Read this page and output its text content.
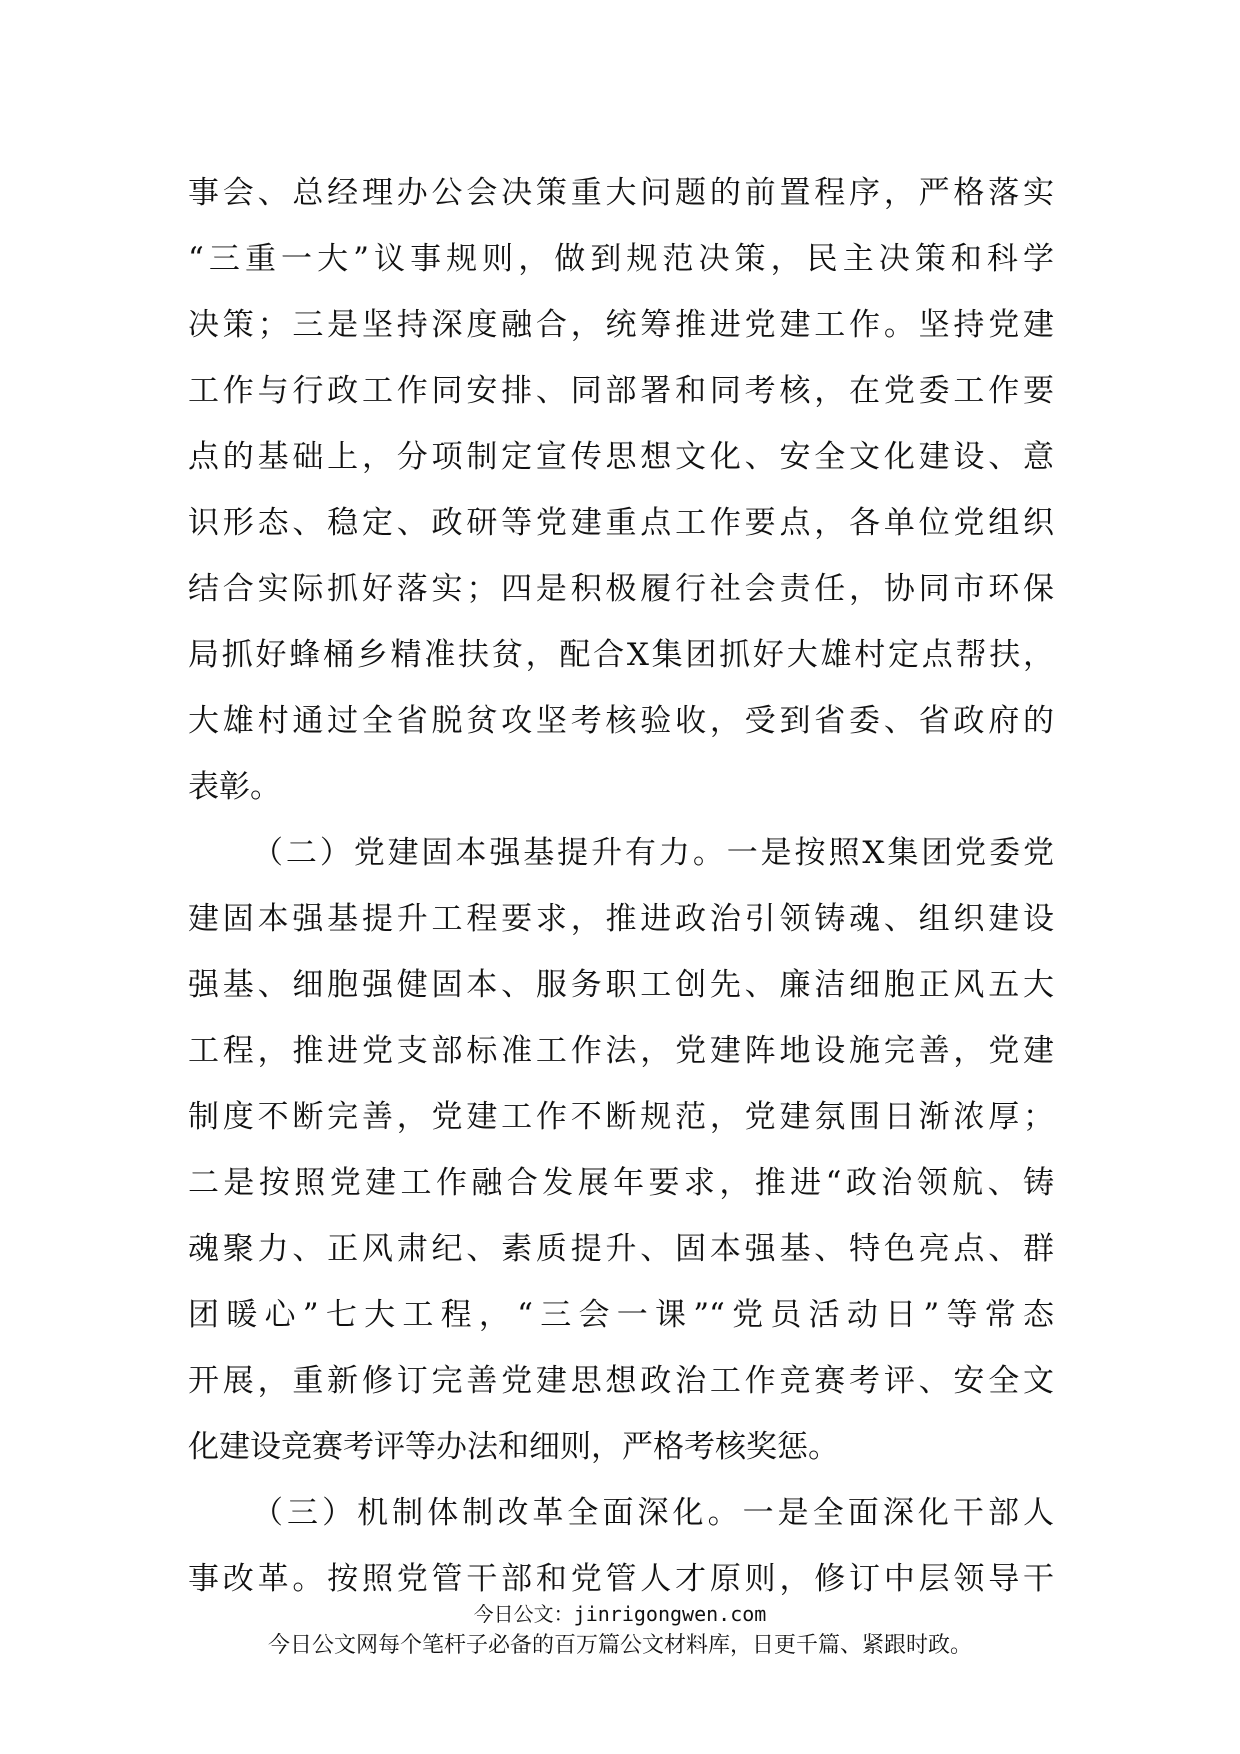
事会、总经理办公会决策重大问题的前置程序，严格落实
“三重一大”议事规则，做到规范决策，民主决策和科学
决策；三是坚持深度融合，统筹推进党建工作。坚持党建
工作与行政工作同安排、同部署和同考核，在党委工作要
点的基础上，分项制定宣传思想文化、安全文化建设、意
识形态、稳定、政研等党建重点工作要点，各单位党组织
结合实际抓好落实；四是积极履行社会责任，协同市环保
局抓好蜂桶乡精准扶贫，配合X集团抓好大雄村定点帮扶，
大雄村通过全省脱贫攻坚考核验收，受到省委、省政府的
表彰。
（二）党建固本强基提升有力。一是按照X集团党委党
建固本强基提升工程要求，推进政治引领铸魂、组织建设
强基、细胞强健固本、服务职工创先、廉洁细胞正风五大
工程，推进党支部标准工作法，党建阵地设施完善，党建
制度不断完善，党建工作不断规范，党建氛围日渐浓厚；
二是按照党建工作融合发展年要求，推进“政治领航、铸
魂聚力、正风肃纪、素质提升、固本强基、特色亮点、群
团暖心”七大工程，“三会一课”“党员活动日”等常态
开展，重新修订完善党建思想政治工作竞赛考评、安全文
化建设竞赛考评等办法和细则，严格考核奖惩。
（三）机制体制改革全面深化。一是全面深化干部人
事改革。按照党管干部和党管人才原则，修订中层领导干
今日公文：jinrigongwen.com
今日公文网每个笔杆子必备的百万篇公文材料库，日更千篇、紧跟时政。
